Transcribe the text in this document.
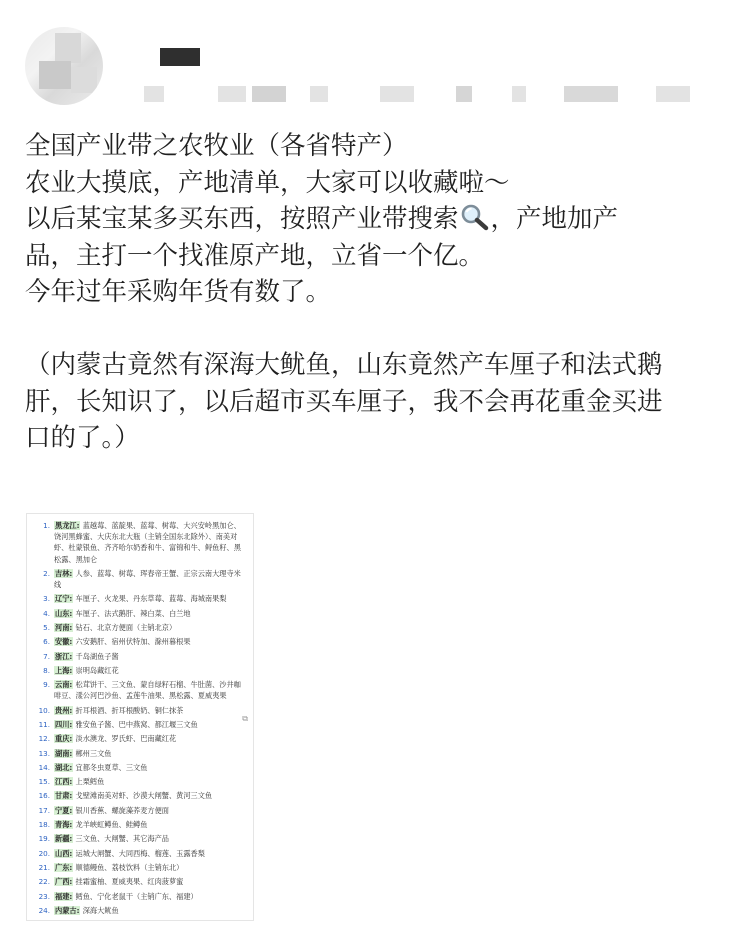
全国产业带之农牧业（各省特产）
农业大摸底，产地清单，大家可以收藏啦～
以后某宝某多买东西，按照产业带搜索 ，产地加产
品，主打一个找准原产地，立省一个亿。
今年过年采购年货有数了。

（内蒙古竟然有深海大鱿鱼，山东竟然产车厘子和法式鹅
肝，长知识了，以后超市买车厘子，我不会再花重金买进
口的了。）

1. 黑龙江: 蓝越莓、蓝靛果、蓝莓、树莓、大兴安岭黑加仑、饶河黑蜂蜜、大庆东北大瓶（主销全国东北除外）、南美对虾、杜蒙银鱼、齐齐哈尔奶香和牛、富锦和牛、鲟鱼籽、黑松露、黑加仑
2. 吉林: 人参、蓝莓、树莓、珲春帝王蟹、正宗云南大理寺米线
3. 辽宁: 车厘子、火龙果、丹东草莓、蓝莓、海城南果梨
4. 山东: 车厘子、法式鹅肝、辣白菜、白兰地
5. 河南: 钻石、北京方便面（主销北京）
6. 安徽: 六安鹅肝、宿州伏特加、滁州暮根果
7. 浙江: 千岛湖鱼子酱
8. 上海: 崇明岛藏红花
9. 云南: 松茸饼干、三文鱼、蒙自绿籽石榴、牛肚菌、沙井咖啡豆、漾公河巴沙鱼、孟莲牛油果、黑松露、夏威夷果
10. 贵州: 折耳根酒、折耳根酸奶、铜仁抹茶
11. 四川: 雅安鱼子酱、巴中燕窝、都江堰三文鱼
12. 重庆: 淡水澳龙、罗氏虾、巴南藏红花
13. 湖南: 郴州三文鱼
14. 湖北: 宜都冬虫夏草、三文鱼
15. 江西: 上栗鳕鱼
16. 甘肃: 戈壁滩南美对虾、沙漠大闸蟹、黄河三文鱼
17. 宁夏: 银川香蕉、螺旋藻荞麦方便面
18. 青海: 龙羊峡虹鳟鱼、鲑鳟鱼
19. 新疆: 三文鱼、大闸蟹、其它海产品
20. 山西: 运城大闸蟹、大同西梅、榴莲、玉露香梨
21. 广东: 顺德鳗鱼、荔枝饮料（主销东北）
22. 广西: 挂霜蜜柚、夏威夷果、红肉菠萝蜜
23. 福建: 鳕鱼、宁化老鼠干（主销广东、福建）
24. 内蒙古: 深海大鱿鱼
⧉
